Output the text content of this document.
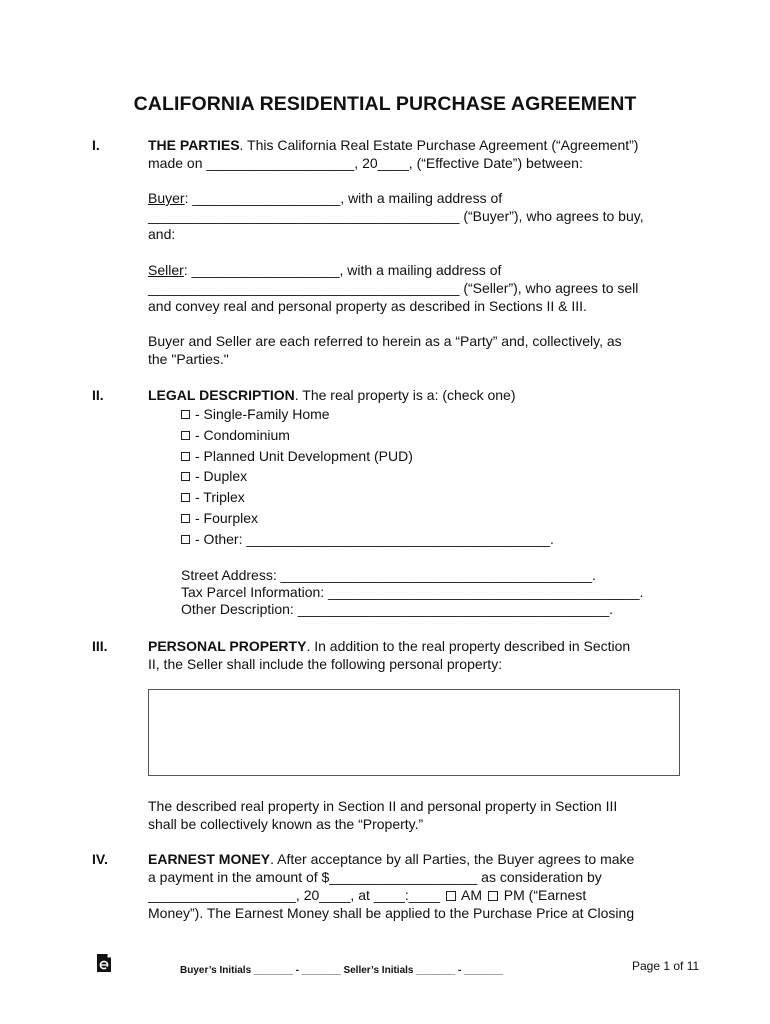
CALIFORNIA RESIDENTIAL PURCHASE AGREEMENT
I.	THE PARTIES. This California Real Estate Purchase Agreement (“Agreement”)
made on ___________________, 20____, (“Effective Date”) between:
Buyer: ___________________, with a mailing address of
________________________________________ (“Buyer”), who agrees to buy,
and:
Seller: ___________________, with a mailing address of
________________________________________ (“Seller”), who agrees to sell
and convey real and personal property as described in Sections II & III.
Buyer and Seller are each referred to herein as a “Party” and, collectively, as
the "Parties."
II.	LEGAL DESCRIPTION. The real property is a: (check one)
- Single-Family Home
- Condominium
- Planned Unit Development (PUD)
- Duplex
- Triplex
- Fourplex
- Other: _______________________________________.
Street Address: ________________________________________.
Tax Parcel Information: ________________________________________.
Other Description: ________________________________________.
III.	PERSONAL PROPERTY. In addition to the real property described in Section
II, the Seller shall include the following personal property:
The described real property in Section II and personal property in Section III
shall be collectively known as the “Property.”
IV.	EARNEST MONEY. After acceptance by all Parties, the Buyer agrees to make
a payment in the amount of $___________________ as consideration by
___________________, 20____, at ____:____  AM PM (“Earnest
Money”). The Earnest Money shall be applied to the Purchase Price at Closing
Buyer’s Initials _______ - _______ Seller’s Initials _______ - _______	Page 1 of 11
